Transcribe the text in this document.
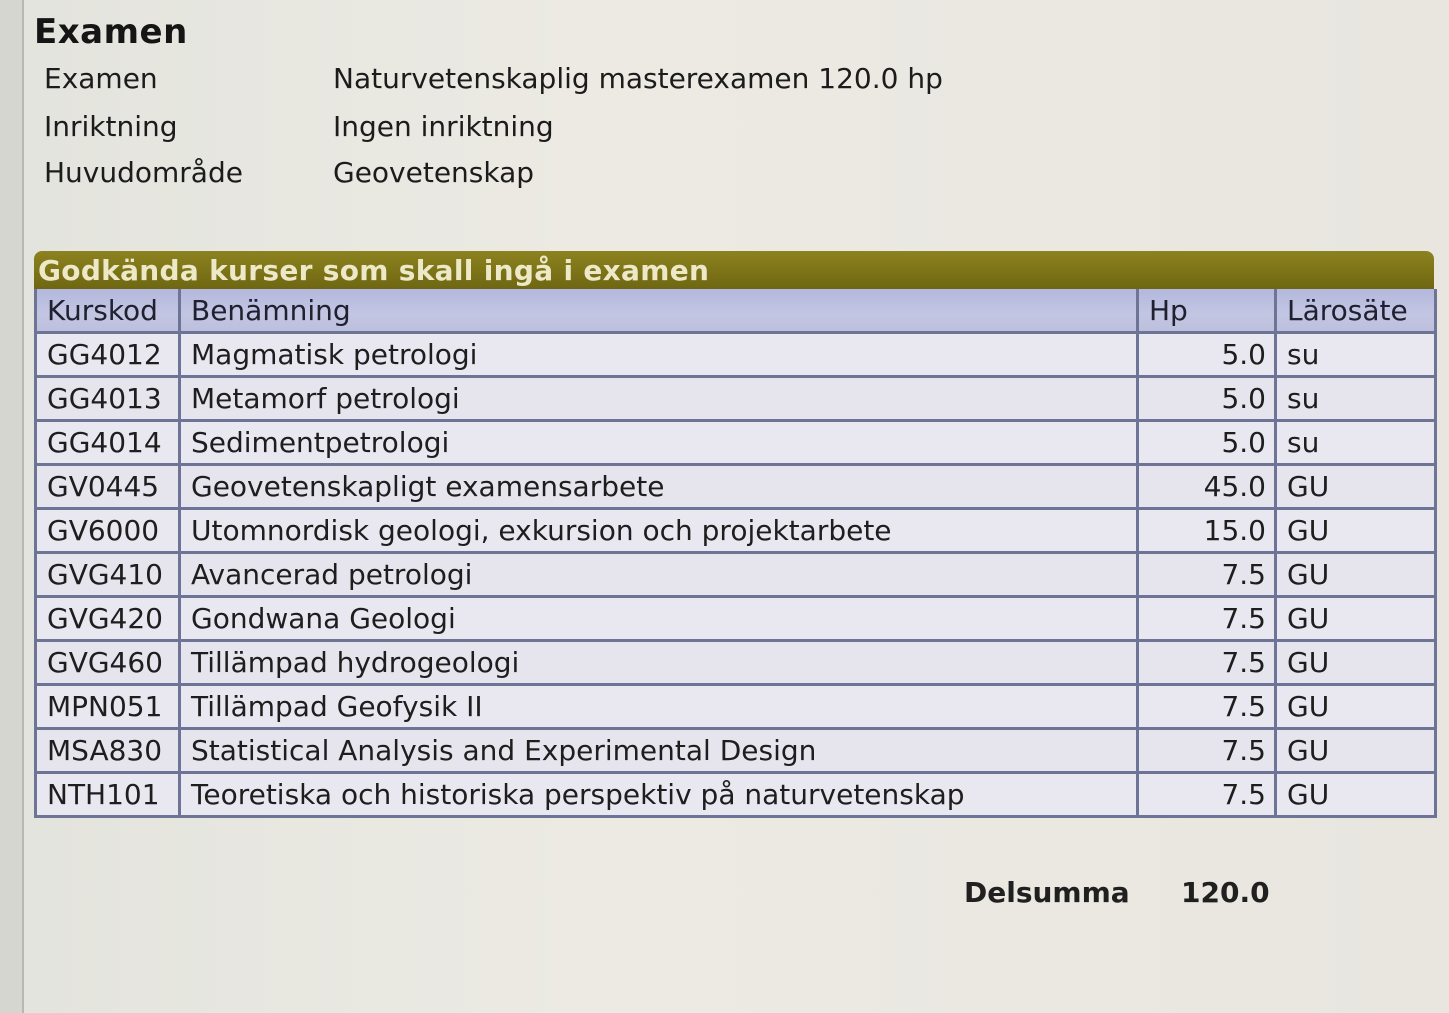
Examen
Examen	Naturvetenskaplig masterexamen 120.0 hp
Inriktning	Ingen inriktning
Huvudområde	Geovetenskap
Godkända kurser som skall ingå i examen
Kurskod	Benämning	Hp	Lärosäte
GG4012	Magmatisk petrologi	5.0	su
GG4013	Metamorf petrologi	5.0	su
GG4014	Sedimentpetrologi	5.0	su
GV0445	Geovetenskapligt examensarbete	45.0	GU
GV6000	Utomnordisk geologi, exkursion och projektarbete	15.0	GU
GVG410	Avancerad petrologi	7.5	GU
GVG420	Gondwana Geologi	7.5	GU
GVG460	Tillämpad hydrogeologi	7.5	GU
MPN051	Tillämpad Geofysik II	7.5	GU
MSA830	Statistical Analysis and Experimental Design	7.5	GU
NTH101	Teoretiska och historiska perspektiv på naturvetenskap	7.5	GU
Delsumma 120.0
